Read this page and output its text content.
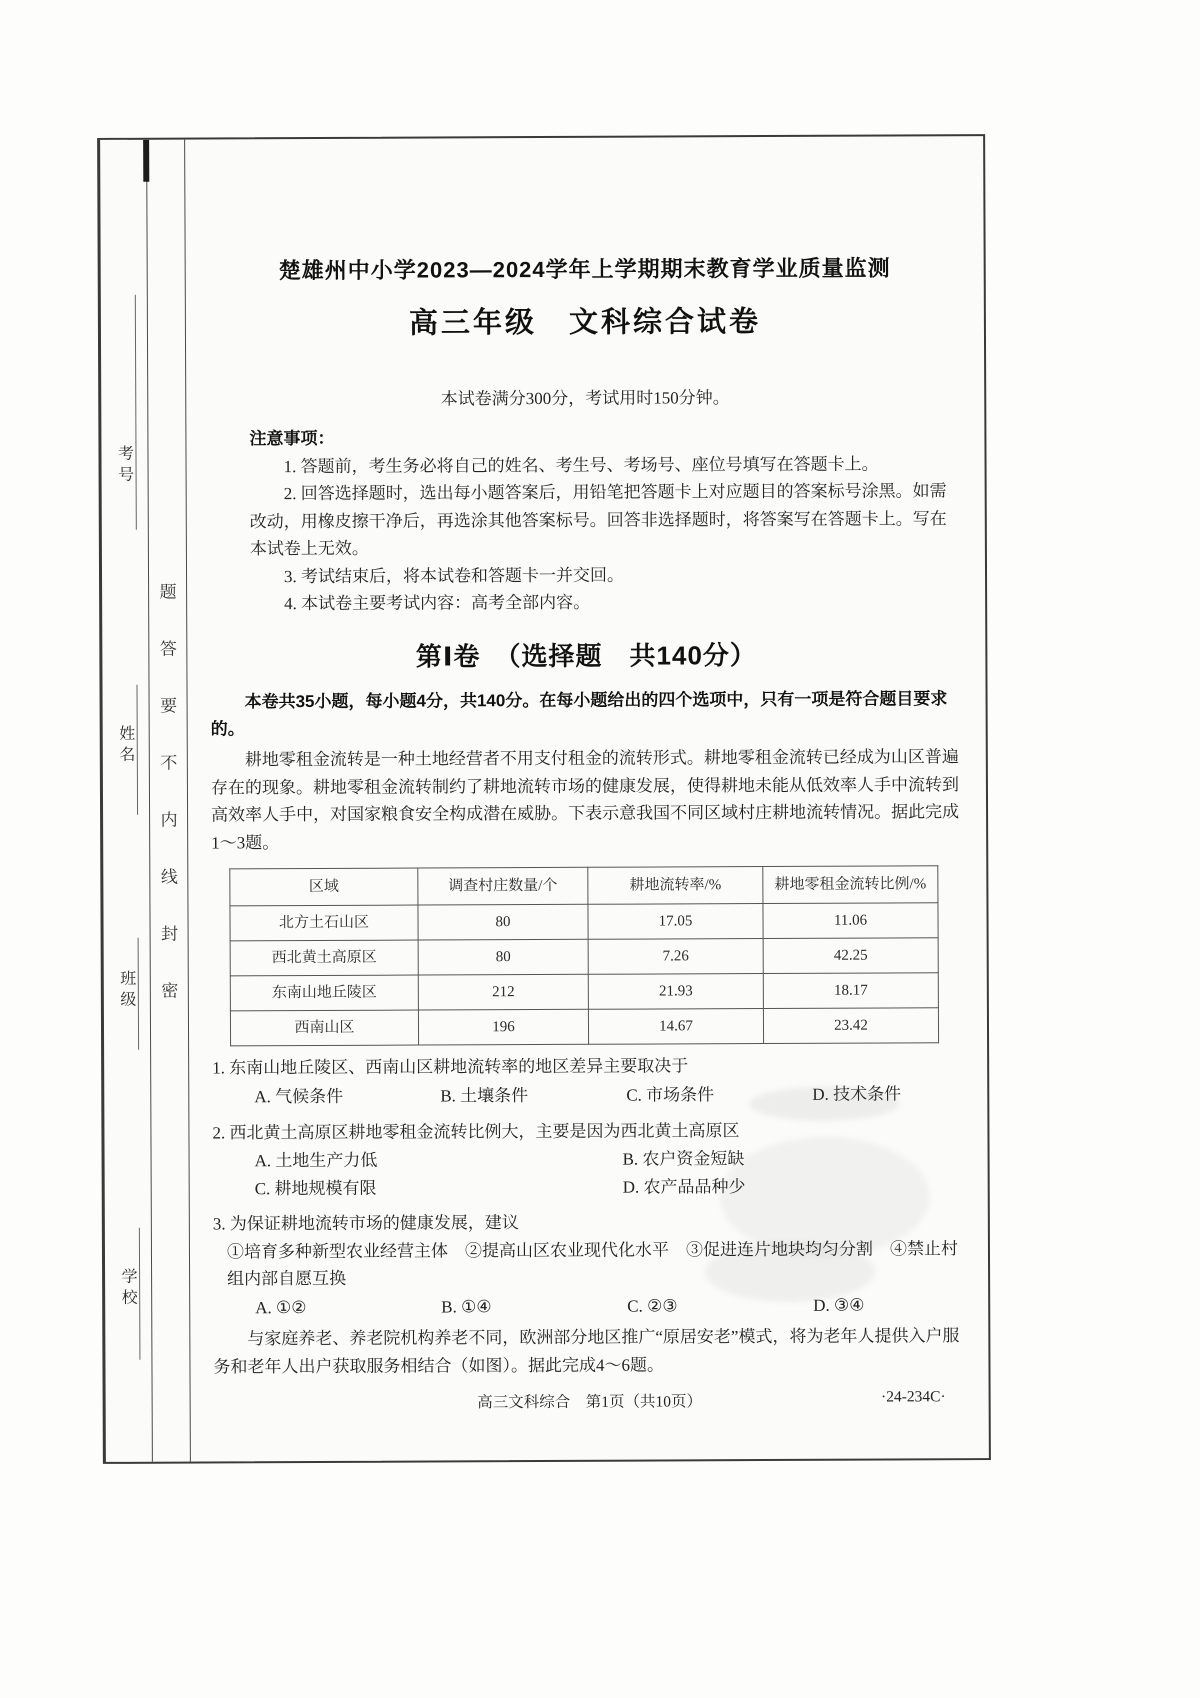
考号
姓名
班级
学校
题
答
要
不
内
线
封
密
楚雄州中小学2023—2024学年上学期期末教育学业质量监测
高三年级　文科综合试卷
本试卷满分300分，考试用时150分钟。
注意事项：

1. 答题前，考生务必将自己的姓名、考生号、考场号、座位号填写在答题卡上。

2. 回答选择题时，选出每小题答案后，用铅笔把答题卡上对应题目的答案标号涂黑。如需改动，用橡皮擦干净后，再选涂其他答案标号。回答非选择题时，将答案写在答题卡上。写在本试卷上无效。

3. 考试结束后，将本试卷和答题卡一并交回。

4. 本试卷主要考试内容：高考全部内容。

第Ⅰ卷　（选择题　共140分）

本卷共35小题，每小题4分，共140分。在每小题给出的四个选项中，只有一项是符合题目要求的。

耕地零租金流转是一种土地经营者不用支付租金的流转形式。耕地零租金流转已经成为山区普遍存在的现象。耕地零租金流转制约了耕地流转市场的健康发展，使得耕地未能从低效率人手中流转到高效率人手中，对国家粮食安全构成潜在威胁。下表示意我国不同区域村庄耕地流转情况。据此完成1～3题。

区域	调查村庄数量/个	耕地流转率/%	耕地零租金流转比例/%
北方土石山区	80	17.05	11.06
西北黄土高原区	80	7.26	42.25
东南山地丘陵区	212	21.93	18.17
西南山区	196	14.67	23.42

1. 东南山地丘陵区、西南山区耕地流转率的地区差异主要取决于

A. 气候条件	B. 土壤条件	C. 市场条件	D. 技术条件

2. 西北黄土高原区耕地零租金流转比例大，主要是因为西北黄土高原区

A. 土地生产力低	B. 农户资金短缺
C. 耕地规模有限	D. 农产品品种少

3. 为保证耕地流转市场的健康发展，建议

①培育多种新型农业经营主体　②提高山区农业现代化水平　③促进连片地块均匀分割　④禁止村组内部自愿互换

A. ①②	B. ①④	C. ②③	D. ③④

与家庭养老、养老院机构养老不同，欧洲部分地区推广“原居安老”模式，将为老年人提供入户服务和老年人出户获取服务相结合（如图）。据此完成4～6题。

高三文科综合　第1页（共10页）	·24-234C·
